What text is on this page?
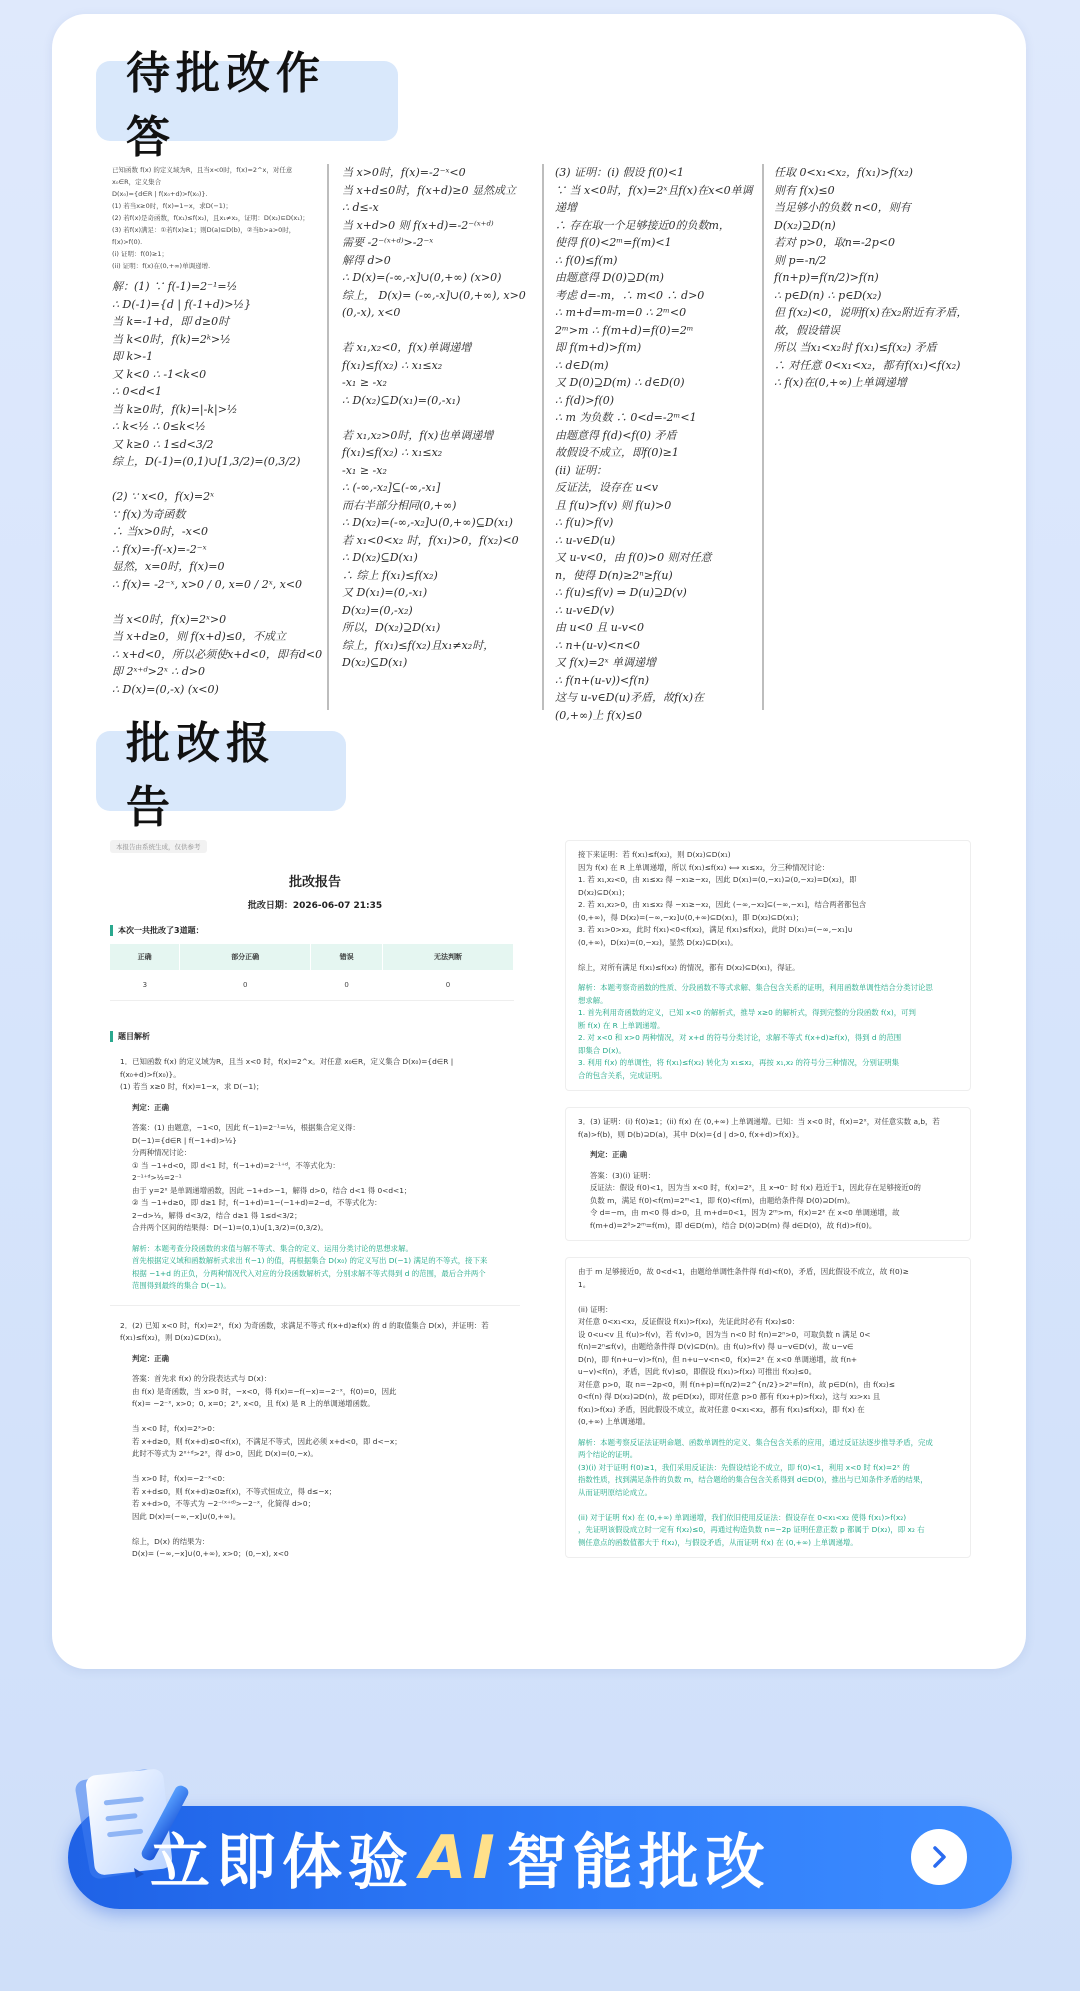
待批改作答
已知函数 f(x) 的定义域为R，且当x<0时，f(x)=2^x，对任意x₀∈R，定义集合
D(x₀)={d∈R | f(x₀+d)>f(x₀)}.
(1) 若当x≥0时，f(x)=1−x，求D(−1)；
(2) 若f(x)是奇函数，f(x₁)≤f(x₂)，且x₁≠x₂，证明：D(x₂)⊆D(x₁)；
(3) 若f(x)满足：①若f(x)≥1；则D(a)⊆D(b)，②当b>a>0时，
f(x)>f(0).
(i) 证明：f(0)≥1；
(ii) 证明：f(x)在(0,+∞)单调递增.
解：(1) ∵ f(-1)=2⁻¹=½
∴ D(-1)={d | f(-1+d)>½}
当 k=-1+d，即 d≥0时
当 k<0时，f(k)=2ᵏ>½
即 k>-1
又 k<0 ∴ -1<k<0
∴ 0<d<1
当 k≥0时，f(k)=|-k|>½
∴ k<½ ∴ 0≤k<½
又 k≥0 ∴ 1≤d<3/2
综上，D(-1)=(0,1)∪[1,3/2)=(0,3/2)

(2) ∵ x<0，f(x)=2ˣ
∵ f(x)为奇函数
∴ 当x>0时，-x<0
∴ f(x)=-f(-x)=-2⁻ˣ
显然，x=0时，f(x)=0
∴ f(x)= -2⁻ˣ, x>0 / 0, x=0 / 2ˣ, x<0

当 x<0时，f(x)=2ˣ>0
当 x+d≥0，则 f(x+d)≤0，不成立
∴ x+d<0，所以必须使x+d<0，即有d<0
即 2ˣ⁺ᵈ>2ˣ ∴ d>0
∴ D(x)=(0,-x) (x<0)
当 x>0时，f(x)=-2⁻ˣ<0
当 x+d≤0时，f(x+d)≥0 显然成立
∴ d≤-x
当 x+d>0 则 f(x+d)=-2⁻⁽ˣ⁺ᵈ⁾
需要 -2⁻⁽ˣ⁺ᵈ⁾>-2⁻ˣ
解得 d>0
∴ D(x)=(-∞,-x]∪(0,+∞) (x>0)
综上， D(x)= (-∞,-x]∪(0,+∞), x>0
(0,-x), x<0

若 x₁,x₂<0，f(x)单调递增
f(x₁)≤f(x₂) ∴ x₁≤x₂
-x₁ ≥ -x₂
∴ D(x₂)⊆D(x₁)=(0,-x₁)

若 x₁,x₂>0时，f(x)也单调递增
f(x₁)≤f(x₂) ∴ x₁≤x₂
-x₁ ≥ -x₂
∴ (-∞,-x₂]⊆(-∞,-x₁]
而右半部分相同(0,+∞)
∴ D(x₂)=(-∞,-x₂]∪(0,+∞)⊆D(x₁)
若 x₁<0<x₂ 时，f(x₁)>0，f(x₂)<0
∴ D(x₂)⊆D(x₁)
∴ 综上 f(x₁)≤f(x₂)
又 D(x₁)=(0,-x₁)
D(x₂)=(0,-x₂)
所以，D(x₂)⊇D(x₁)
综上，f(x₁)≤f(x₂)且x₁≠x₂时，
D(x₂)⊆D(x₁)
(3) 证明：(i) 假设 f(0)<1
∵ 当 x<0时，f(x)=2ˣ且f(x)在x<0单调
递增
∴ 存在取一个足够接近0的负数m，
使得 f(0)<2ᵐ=f(m)<1
∴ f(0)≤f(m)
由题意得 D(0)⊇D(m)
考虑 d=-m，∴ m<0 ∴ d>0
∴ m+d=m-m=0 ∴ 2ᵐ<0
2ᵐ>m ∴ f(m+d)=f(0)=2ᵐ
即 f(m+d)>f(m)
∴ d∈D(m)
又 D(0)⊇D(m) ∴ d∈D(0)
∴ f(d)>f(0)
∴ m 为负数 ∴ 0<d=-2ᵐ<1
由题意得 f(d)<f(0) 矛盾
故假设不成立，即f(0)≥1
(ii) 证明：
反证法，设存在 u<v
且 f(u)>f(v) 则 f(u)>0
∴ f(u)>f(v)
∴ u-v∈D(u)
又 u-v<0，由 f(0)>0 则对任意
n，使得 D(n)≥2ⁿ≥f(u)
∴ f(u)≤f(v) ⇒ D(u)⊇D(v)
∴ u-v∈D(v)
由 u<0 且 u-v<0
∴ n+(u-v)<n<0
又 f(x)=2ˣ 单调递增
∴ f(n+(u-v))<f(n)
这与 u-v∈D(u)矛盾，故f(x)在
(0,+∞)上 f(x)≤0
任取 0<x₁<x₂，f(x₁)>f(x₂)
则有 f(x)≤0
当足够小的负数 n<0，则有
D(x₂)⊇D(n)
若对 p>0，取n=-2p<0
则 p=-n/2
f(n+p)=f(n/2)>f(n)
∴ p∈D(n) ∴ p∈D(x₂)
但 f(x₂)<0，说明f(x)在x₂附近有矛盾，
故，假设错误
所以 当x₁<x₂时 f(x₁)≤f(x₂) 矛盾
∴ 对任意 0<x₁<x₂，都有f(x₁)<f(x₂)
∴ f(x)在(0,+∞)上单调递增
批改报告
本报告由系统生成，仅供参考
批改报告
批改日期：2026-06-07 21:35
本次一共批改了3道题：
正确	部分正确	错误	无法判断
3	0	0	0
题目解析

1．已知函数 f(x) 的定义域为R，且当 x<0 时，f(x)=2^x。对任意 x₀∈R，定义集合 D(x₀)={d∈R | f(x₀+d)>f(x₀)}。

(1) 若当 x≥0 时，f(x)=1−x，求 D(−1)；

判定：正确

答案：(1) 由题意，−1<0，因此 f(−1)=2⁻¹=½，根据集合定义得：

D(−1)={d∈R | f(−1+d)>½}

分两种情况讨论：

① 当 −1+d<0，即 d<1 时，f(−1+d)=2⁻¹⁺ᵈ，不等式化为：

2⁻¹⁺ᵈ>½=2⁻¹

由于 y=2ˣ 是单调递增函数，因此 −1+d>−1，解得 d>0，结合 d<1 得 0<d<1；

② 当 −1+d≥0，即 d≥1 时，f(−1+d)=1−(−1+d)=2−d，不等式化为：

2−d>½，解得 d<3/2，结合 d≥1 得 1≤d<3/2；

合并两个区间的结果得：D(−1)=(0,1)∪[1,3/2)=(0,3/2)。

解析：本题考查分段函数的求值与解不等式、集合的定义、运用分类讨论的思想求解。

首先根据定义域和函数解析式求出 f(−1) 的值，再根据集合 D(x₀) 的定义写出 D(−1) 满足的不等式，接下来

根据 −1+d 的正负，分两种情况代入对应的分段函数解析式，分别求解不等式得到 d 的范围，最后合并两个

范围得到最终的集合 D(−1)。

2．(2) 已知 x<0 时，f(x)=2ˣ，f(x) 为奇函数，求满足不等式 f(x+d)≥f(x) 的 d 的取值集合 D(x)，并证明：若 f(x₁)≤f(x₂)，则 D(x₂)⊆D(x₁)。

判定：正确

答案：首先求 f(x) 的分段表达式与 D(x)：

由 f(x) 是奇函数，当 x>0 时，−x<0，得 f(x)=−f(−x)=−2⁻ˣ，f(0)=0，因此

f(x)= −2⁻ˣ, x>0；0, x=0；2ˣ, x<0，且 f(x) 是 R 上的单调递增函数。

当 x<0 时，f(x)=2ˣ>0：

若 x+d≥0，则 f(x+d)≤0<f(x)，不满足不等式，因此必须 x+d<0，即 d<−x；

此时不等式为 2ˣ⁺ᵈ>2ˣ，得 d>0，因此 D(x)=(0,−x)。

当 x>0 时，f(x)=−2⁻ˣ<0：

若 x+d≤0，则 f(x+d)≥0≥f(x)，不等式恒成立，得 d≤−x；

若 x+d>0，不等式为 −2⁻⁽ˣ⁺ᵈ⁾>−2⁻ˣ，化简得 d>0；

因此 D(x)=(−∞,−x]∪(0,+∞)。

综上，D(x) 的结果为：

D(x)= (−∞,−x]∪(0,+∞), x>0；(0,−x), x<0

接下来证明：若 f(x₁)≤f(x₂)，则 D(x₂)⊆D(x₁)

因为 f(x) 在 R 上单调递增，所以 f(x₁)≤f(x₂) ⟺ x₁≤x₂，分三种情况讨论：

1. 若 x₁,x₂<0，由 x₁≤x₂ 得 −x₁≥−x₂，因此 D(x₁)=(0,−x₁)⊇(0,−x₂)=D(x₂)，即

D(x₂)⊆D(x₁)；

2. 若 x₁,x₂>0，由 x₁≤x₂ 得 −x₁≥−x₂，因此 (−∞,−x₂]⊆(−∞,−x₁]，结合两者都包含

(0,+∞)，得 D(x₂)=(−∞,−x₂]∪(0,+∞)⊆D(x₁)，即 D(x₂)⊆D(x₁)；

3. 若 x₁>0>x₂，此时 f(x₁)<0<f(x₂)，满足 f(x₁)≤f(x₂)，此时 D(x₁)=(−∞,−x₁]∪

(0,+∞)，D(x₂)=(0,−x₂)，显然 D(x₂)⊆D(x₁)。

综上，对所有满足 f(x₁)≤f(x₂) 的情况，都有 D(x₂)⊆D(x₁)，得证。

解析：本题考察奇函数的性质、分段函数不等式求解、集合包含关系的证明，利用函数单调性结合分类讨论思

想求解。

1. 首先利用奇函数的定义，已知 x<0 的解析式，推导 x≥0 的解析式，得到完整的分段函数 f(x)，可判

断 f(x) 在 R 上单调递增。

2. 对 x<0 和 x>0 两种情况，对 x+d 的符号分类讨论，求解不等式 f(x+d)≥f(x)，得到 d 的范围

即集合 D(x)。

3. 利用 f(x) 的单调性，将 f(x₁)≤f(x₂) 转化为 x₁≤x₂，再按 x₁,x₂ 的符号分三种情况，分别证明集

合的包含关系，完成证明。

3．(3) 证明：(i) f(0)≥1；(ii) f(x) 在 (0,+∞) 上单调递增。已知：当 x<0 时，f(x)=2ˣ，对任意实数 a,b，若 f(a)>f(b)，则 D(b)⊇D(a)，其中 D(x)={d | d>0, f(x+d)>f(x)}。

判定：正确

答案：(3)(i) 证明：

反证法：假设 f(0)<1，因为当 x<0 时，f(x)=2ˣ，且 x→0⁻ 时 f(x) 趋近于1，因此存在足够接近0的

负数 m，满足 f(0)<f(m)=2ᵐ<1，即 f(0)<f(m)，由题给条件得 D(0)⊇D(m)。

令 d=−m，由 m<0 得 d>0，且 m+d=0<1，因为 2ᵐ>m，f(x)=2ˣ 在 x<0 单调递增，故

f(m+d)=2⁰>2ᵐ=f(m)，即 d∈D(m)，结合 D(0)⊇D(m) 得 d∈D(0)，故 f(d)>f(0)。

由于 m 足够接近0，故 0<d<1，由题给单调性条件得 f(d)<f(0)，矛盾，因此假设不成立，故 f(0)≥

1。

(ii) 证明：

对任意 0<x₁<x₂，反证假设 f(x₁)>f(x₂)，先证此时必有 f(x₂)≤0：

设 0<u<v 且 f(u)>f(v)，若 f(v)>0，因为当 n<0 时 f(n)=2ⁿ>0，可取负数 n 满足 0<

f(n)=2ⁿ≤f(v)，由题给条件得 D(v)⊆D(n)。由 f(u)>f(v) 得 u−v∈D(v)，故 u−v∈

D(n)，即 f(n+u−v)>f(n)，但 n+u−v<n<0，f(x)=2ˣ 在 x<0 单调递增，故 f(n+

u−v)<f(n)，矛盾，因此 f(v)≤0，即假设 f(x₁)>f(x₂) 可推出 f(x₂)≤0。

对任意 p>0，取 n=−2p<0，则 f(n+p)=f(n/2)=2^{n/2}>2ⁿ=f(n)，故 p∈D(n)，由 f(x₂)≤

0<f(n) 得 D(x₂)⊇D(n)，故 p∈D(x₂)，即对任意 p>0 都有 f(x₂+p)>f(x₂)，这与 x₂>x₁ 且

f(x₁)>f(x₂) 矛盾，因此假设不成立，故对任意 0<x₁<x₂，都有 f(x₁)≤f(x₂)，即 f(x) 在

(0,+∞) 上单调递增。

解析：本题考察反证法证明命题、函数单调性的定义、集合包含关系的应用，通过反证法逐步推导矛盾，完成

两个结论的证明。

(3)(i) 对于证明 f(0)≥1，我们采用反证法：先假设结论不成立，即 f(0)<1，利用 x<0 时 f(x)=2ˣ 的

指数性质，找到满足条件的负数 m，结合题给的集合包含关系得到 d∈D(0)，推出与已知条件矛盾的结果，

从而证明原结论成立。

(ii) 对于证明 f(x) 在 (0,+∞) 单调递增，我们依旧使用反证法：假设存在 0<x₁<x₂ 使得 f(x₁)>f(x₂)

，先证明该假设成立时一定有 f(x₂)≤0，再通过构造负数 n=−2p 证明任意正数 p 都属于 D(x₂)，即 x₂ 右

侧任意点的函数值都大于 f(x₂)，与假设矛盾，从而证明 f(x) 在 (0,+∞) 上单调递增。

立即体验 AI 智能批改
